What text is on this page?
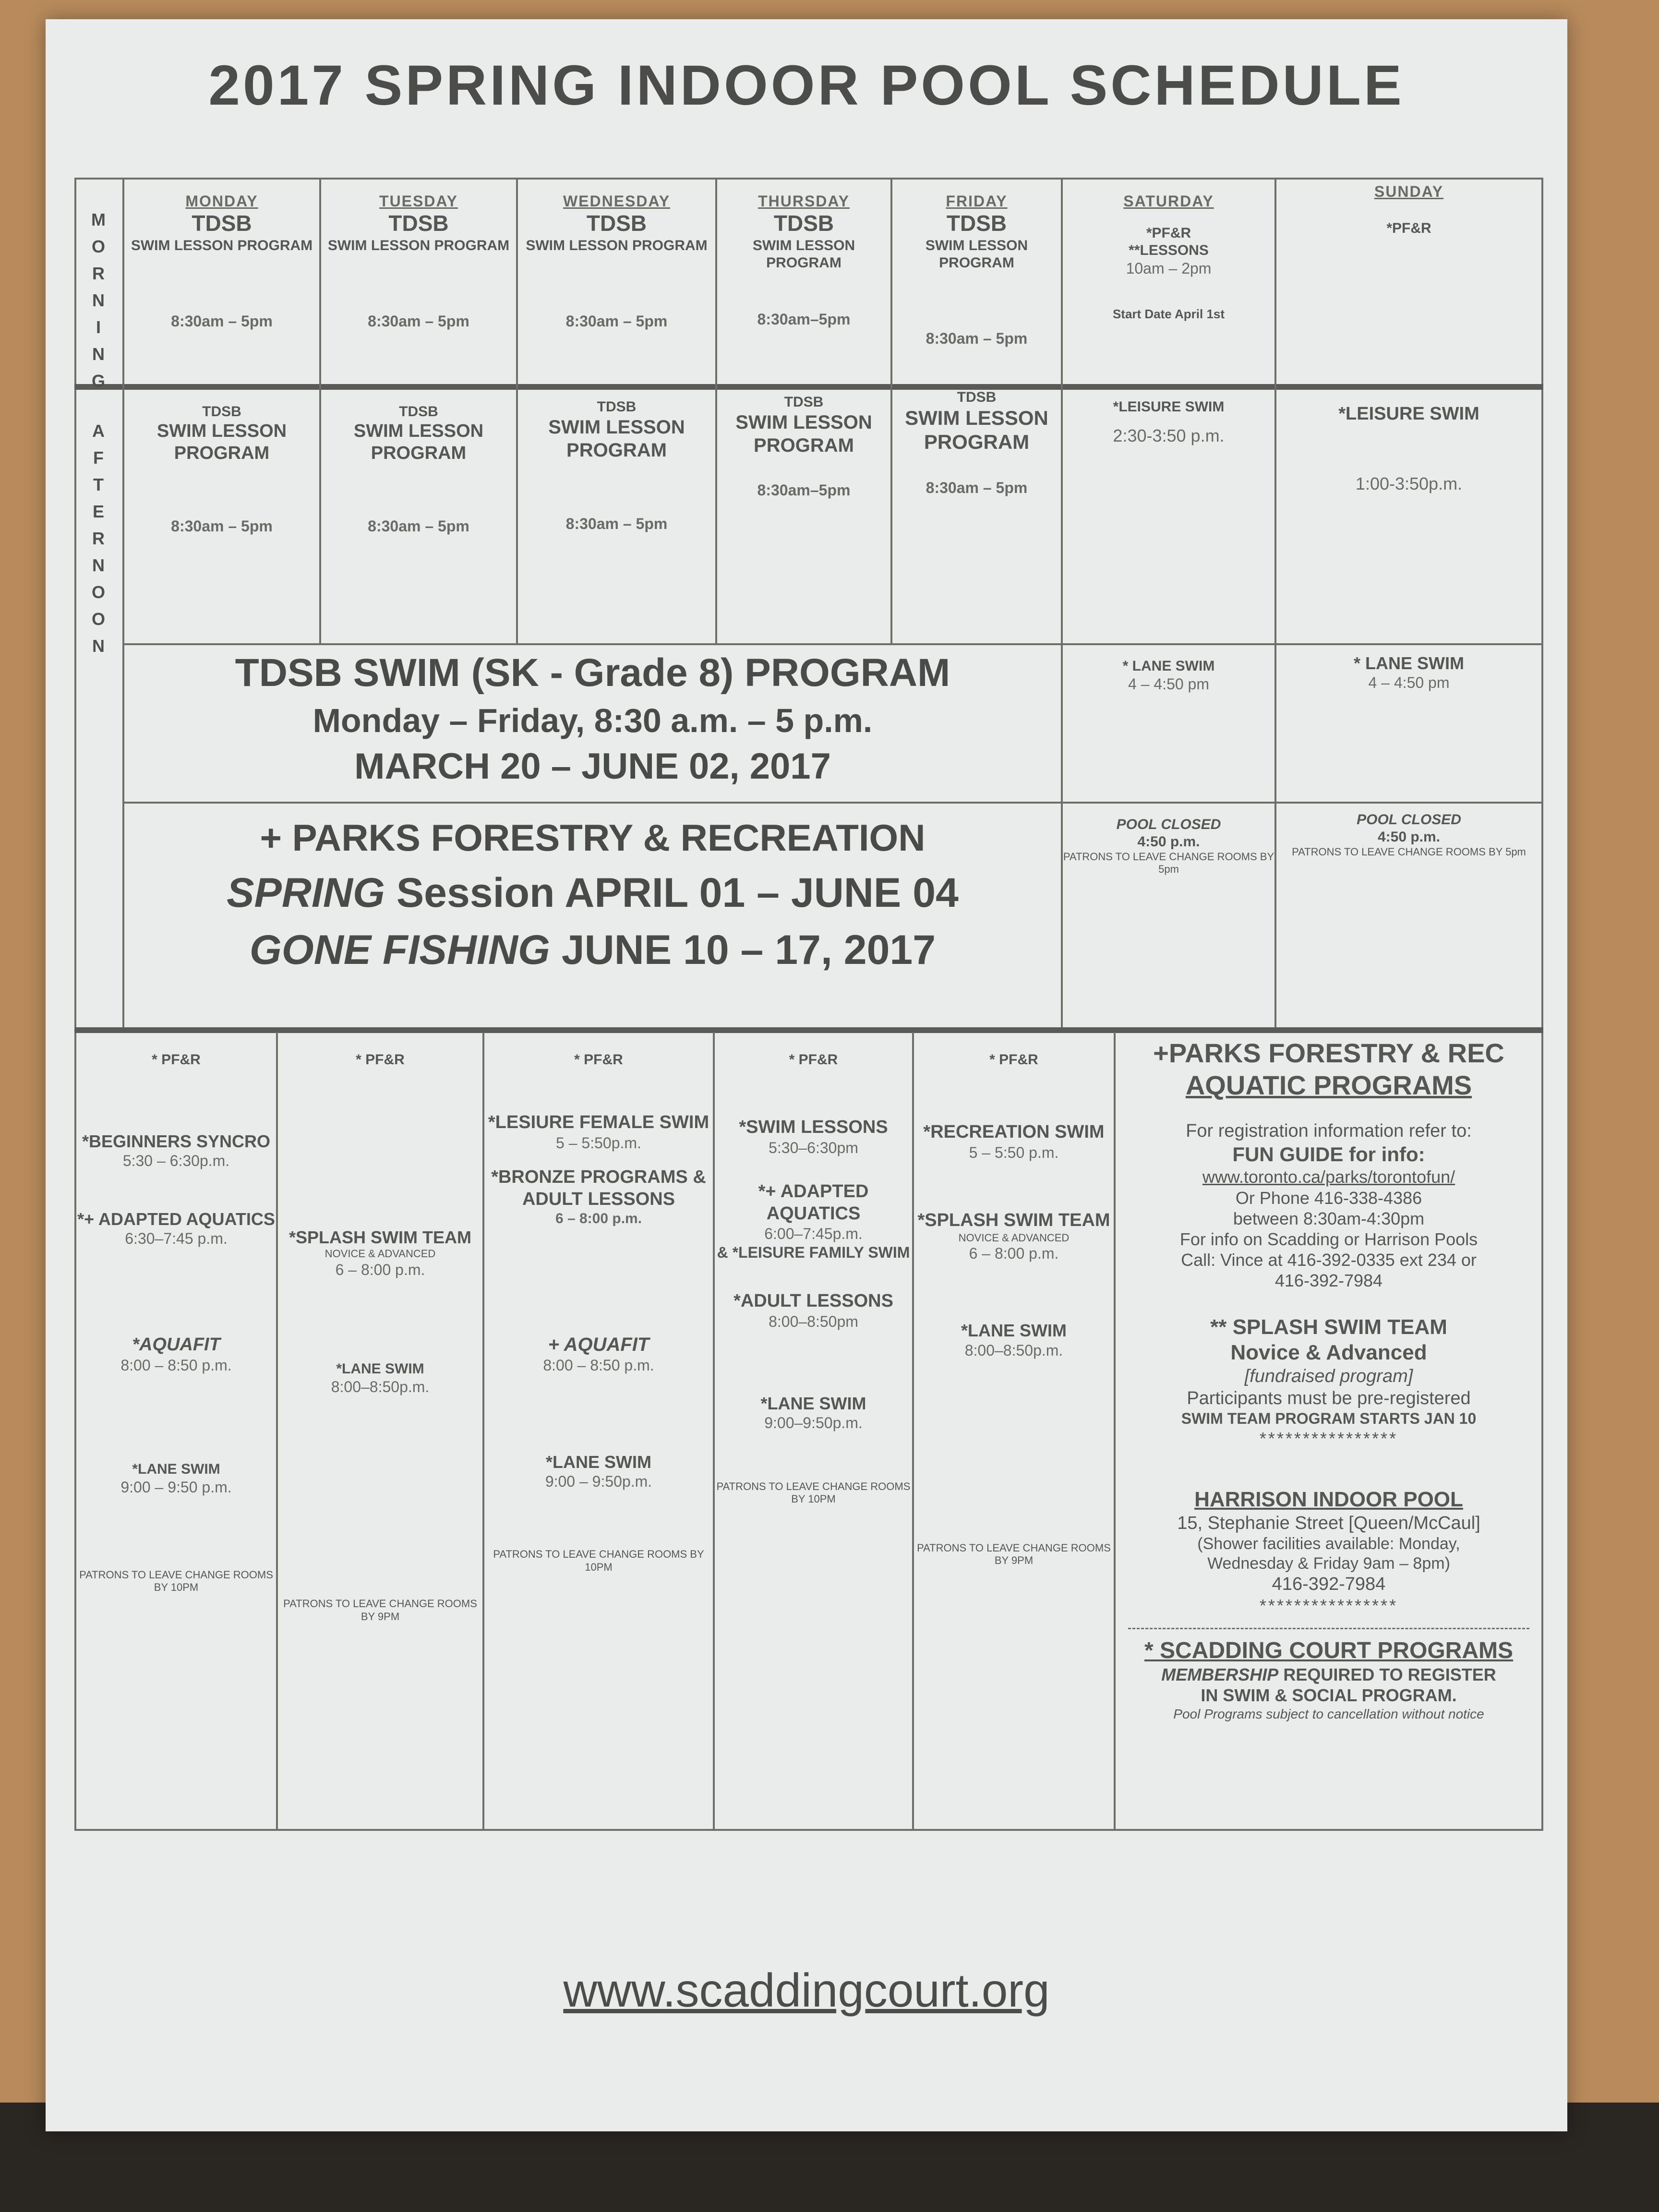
2017 SPRING INDOOR POOL SCHEDULE
M
O
R
N
I
N
G
A
F
T
E
R
N
O
O
N
MONDAY
TDSB
SWIM LESSON PROGRAM
8:30am – 5pm
TUESDAY
TDSB
SWIM LESSON PROGRAM
8:30am – 5pm
WEDNESDAY
TDSB
SWIM LESSON PROGRAM
8:30am – 5pm
THURSDAY
TDSB
SWIM LESSON PROGRAM
8:30am–5pm
FRIDAY
TDSB
SWIM LESSON PROGRAM
8:30am – 5pm
SATURDAY
*PF&R
**LESSONS
10am – 2pm
Start Date April 1st
SUNDAY
*PF&R
TDSB
SWIM LESSON PROGRAM
8:30am – 5pm
TDSB
SWIM LESSON PROGRAM
8:30am – 5pm
TDSB
SWIM LESSON PROGRAM
8:30am – 5pm
TDSB
SWIM LESSON PROGRAM
8:30am–5pm
TDSB
SWIM LESSON PROGRAM
8:30am – 5pm
*LEISURE SWIM
2:30-3:50 p.m.
*LEISURE SWIM
1:00-3:50p.m.
TDSB SWIM (SK - Grade 8) PROGRAM
Monday – Friday, 8:30 a.m. – 5 p.m.
MARCH 20 – JUNE 02, 2017
* LANE SWIM
4 – 4:50 pm
* LANE SWIM
4 – 4:50 pm
+ PARKS FORESTRY & RECREATION
SPRING Session APRIL 01 – JUNE 04
GONE FISHING JUNE 10 – 17, 2017
POOL CLOSED
4:50 p.m.
PATRONS TO LEAVE CHANGE ROOMS BY 5pm
POOL CLOSED
4:50 p.m.
PATRONS TO LEAVE CHANGE ROOMS BY 5pm
* PF&R
*BEGINNERS SYNCRO
5:30 – 6:30p.m.
*+ ADAPTED AQUATICS
6:30–7:45 p.m.
*AQUAFIT
8:00 – 8:50 p.m.
*LANE SWIM
9:00 – 9:50 p.m.
PATRONS TO LEAVE CHANGE ROOMS BY 10PM
* PF&R
*SPLASH SWIM TEAM
NOVICE & ADVANCED
6 – 8:00 p.m.
*LANE SWIM
8:00–8:50p.m.
PATRONS TO LEAVE CHANGE ROOMS BY 9PM
* PF&R
*LESIURE FEMALE SWIM
5 – 5:50p.m.
*BRONZE PROGRAMS & ADULT LESSONS
6 – 8:00 p.m.
+ AQUAFIT
8:00 – 8:50 p.m.
*LANE SWIM
9:00 – 9:50p.m.
PATRONS TO LEAVE CHANGE ROOMS BY 10PM
* PF&R
*SWIM LESSONS
5:30–6:30pm
*+ ADAPTED AQUATICS
6:00–7:45p.m.
& *LEISURE FAMILY SWIM
*ADULT LESSONS
8:00–8:50pm
*LANE SWIM
9:00–9:50p.m.
PATRONS TO LEAVE CHANGE ROOMS BY 10PM
* PF&R
*RECREATION SWIM
5 – 5:50 p.m.
*SPLASH SWIM TEAM
NOVICE & ADVANCED
6 – 8:00 p.m.
*LANE SWIM
8:00–8:50p.m.
PATRONS TO LEAVE CHANGE ROOMS BY 9PM
+PARKS FORESTRY & REC
AQUATIC PROGRAMS
For registration information refer to:
FUN GUIDE for info:
www.toronto.ca/parks/torontofun/
Or Phone 416-338-4386
between 8:30am-4:30pm
For info on Scadding or Harrison Pools
Call: Vince at 416-392-0335 ext 234 or
416-392-7984
** SPLASH SWIM TEAM
Novice & Advanced
[fundraised program]
Participants must be pre-registered
SWIM TEAM PROGRAM STARTS JAN 10
****************
HARRISON INDOOR POOL
15, Stephanie Street [Queen/McCaul]
(Shower facilities available: Monday,
Wednesday & Friday 9am – 8pm)
416-392-7984
****************
* SCADDING COURT PROGRAMS
MEMBERSHIP REQUIRED TO REGISTER
IN SWIM & SOCIAL PROGRAM.
Pool Programs subject to cancellation without notice
www.scaddingcourt.org
